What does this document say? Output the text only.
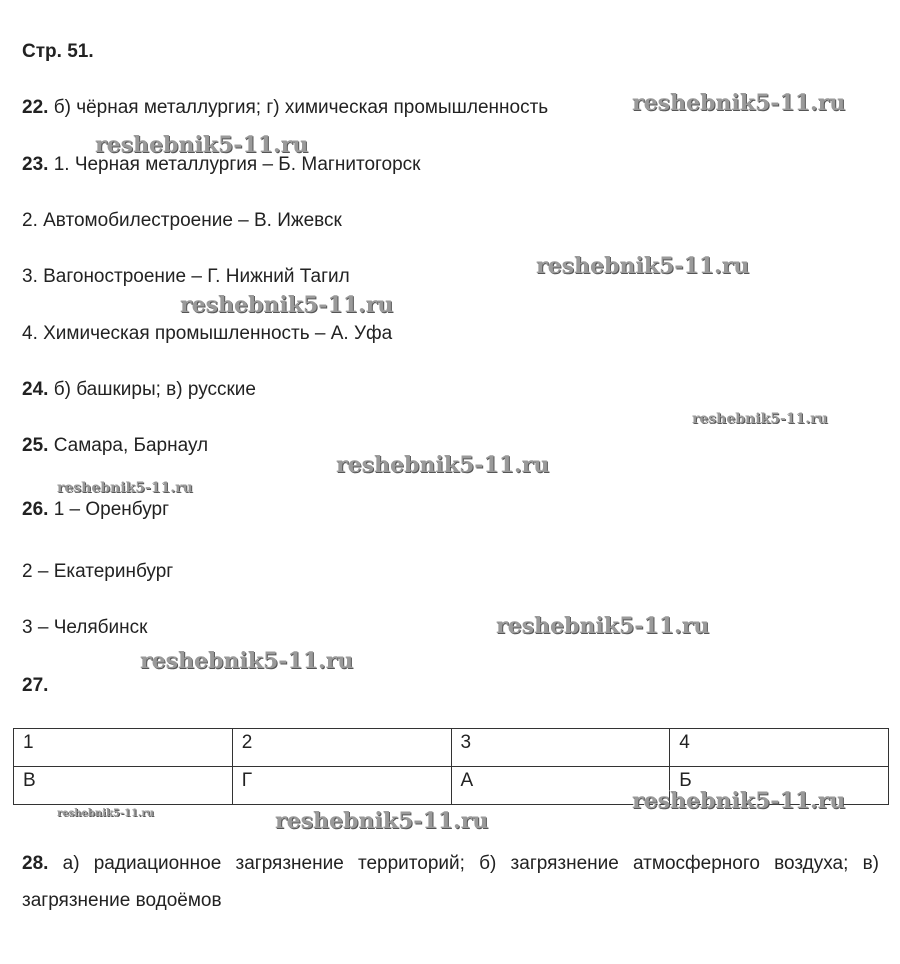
Стр. 51.
22. б) чёрная металлургия; г) химическая промышленность
23. 1. Черная металлургия – Б. Магнитогорск
2. Автомобилестроение – В. Ижевск
3. Вагоностроение – Г. Нижний Тагил
4. Химическая промышленность – А. Уфа
24. б) башкиры; в) русские
25. Самара, Барнаул
26. 1 – Оренбург
2 – Екатеринбург
3 – Челябинск
27.
1	2	3	4
В	Г	А	Б
28. а) радиационное загрязнение территорий; б) загрязнение атмосферного воздуха; в) загрязнение водоёмов
reshebnik5-11.ru
reshebnik5-11.ru
reshebnik5-11.ru
reshebnik5-11.ru
reshebnik5-11.ru
reshebnik5-11.ru
reshebnik5-11.ru
reshebnik5-11.ru
reshebnik5-11.ru
reshebnik5-11.ru
reshebnik5-11.ru	reshebnik5-11.ru
